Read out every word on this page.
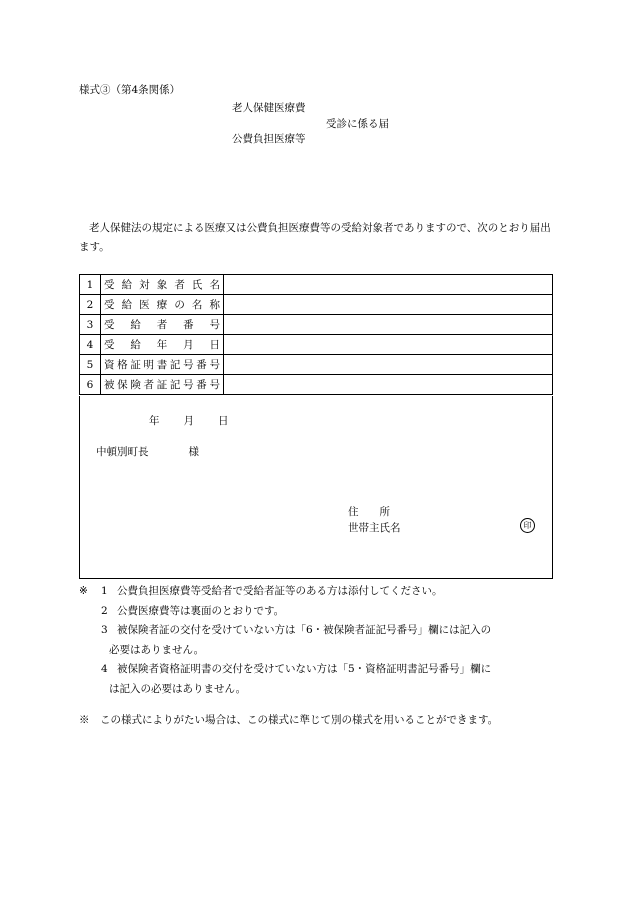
様式③（第4条関係）
老人保健医療費
受診に係る届
公費負担医療等
老人保健法の規定による医療又は公費負担医療費等の受給対象者でありますので、次のとおり届出ます。
1	受給対象者氏名	

2	受給医療の名称	

3	受給者番号	

4	受給年月日	

5	資格証明書記号番号	

6	被保険者証記号番号	

年 月 日
中頓別町長	様
住　　所
世帯主氏名	印
※ 1 公費負担医療費等受給者で受給者証等のある方は添付してください。
2 公費医療費等は裏面のとおりです。
3 被保険者証の交付を受けていない方は「6・被保険者証記号番号」欄には記入の
必要はありません。
4 被保険者資格証明書の交付を受けていない方は「5・資格証明書記号番号」欄に
は記入の必要はありません。
※　この様式によりがたい場合は、この様式に準じて別の様式を用いることができます。
